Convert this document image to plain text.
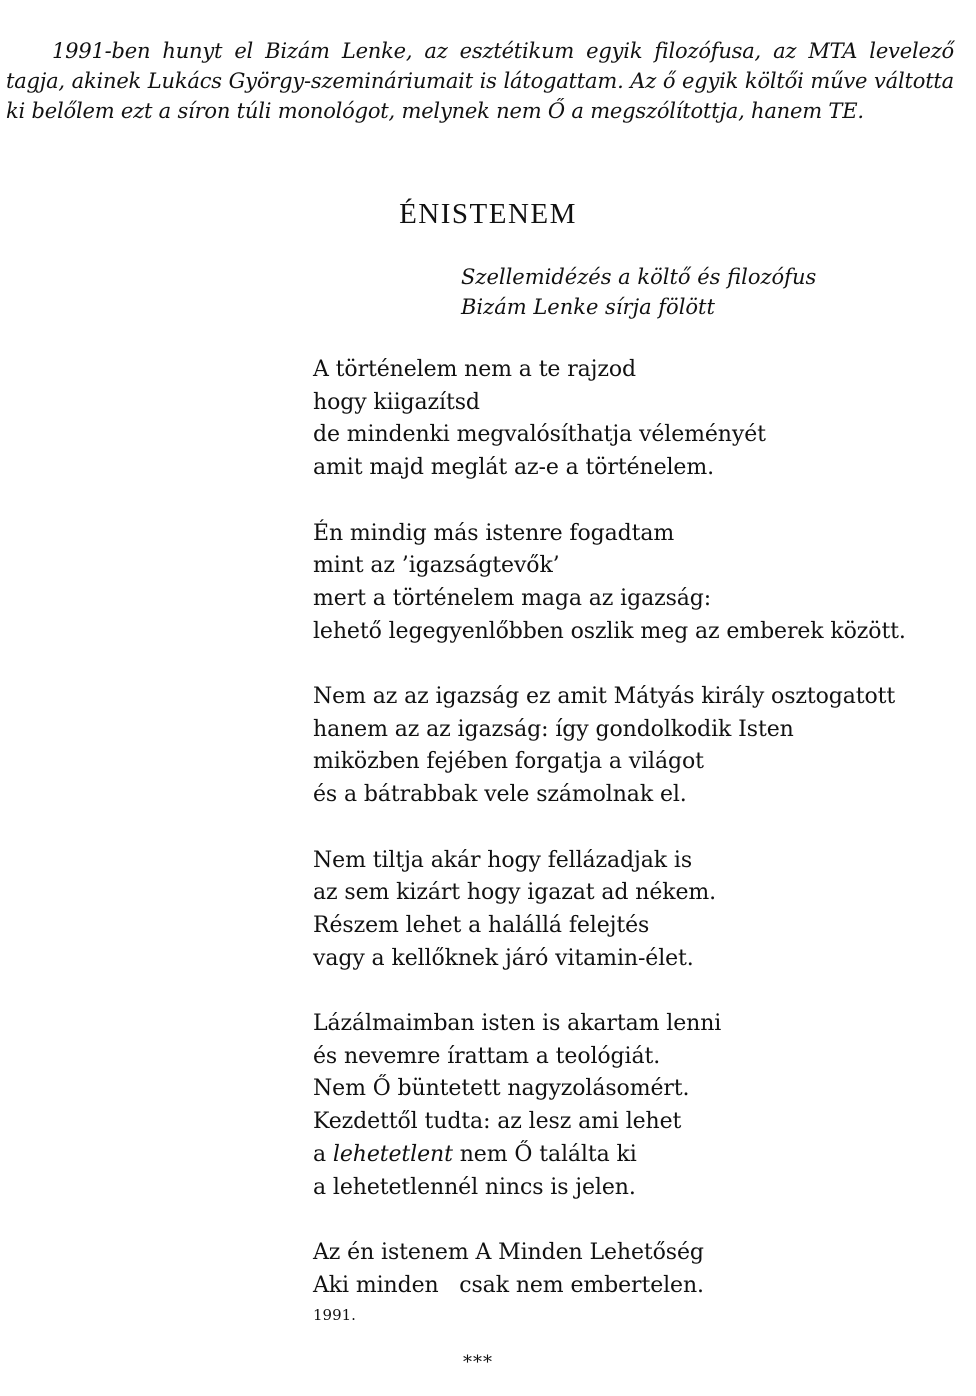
1991-ben hunyt el Bizám Lenke, az esztétikum egyik filozófusa, az MTA levelező tagja, akinek Lukács György-szemináriumait is látogattam. Az ő egyik költői műve váltotta ki belőlem ezt a síron túli monológot, melynek nem Ő a megszólítottja, hanem TE.

ÉNISTENEM
Szellemidézés a költő és filozófus
Bizám Lenke sírja fölött
A történelem nem a te rajzod
hogy kiigazítsd
de mindenki megvalósíthatja véleményét
amit majd meglát az-e a történelem.
Én mindig más istenre fogadtam
mint az ’igazságtevők’
mert a történelem maga az igazság:
lehető legegyenlőbben oszlik meg az emberek között.
Nem az az igazság ez amit Mátyás király osztogatott
hanem az az igazság: így gondolkodik Isten
miközben fejében forgatja a világot
és a bátrabbak vele számolnak el.
Nem tiltja akár hogy fellázadjak is
az sem kizárt hogy igazat ad nékem.
Részem lehet a halállá felejtés
vagy a kellőknek járó vitamin-élet.
Lázálmaimban isten is akartam lenni
és nevemre írattam a teológiát.
Nem Ő büntetett nagyzolásomért.
Kezdettől tudta: az lesz ami lehet
a lehetetlent nem Ő találta ki
a lehetetlennél nincs is jelen.
Az én istenem A Minden Lehetőség
Aki minden   csak nem embertelen.

1991.

***
